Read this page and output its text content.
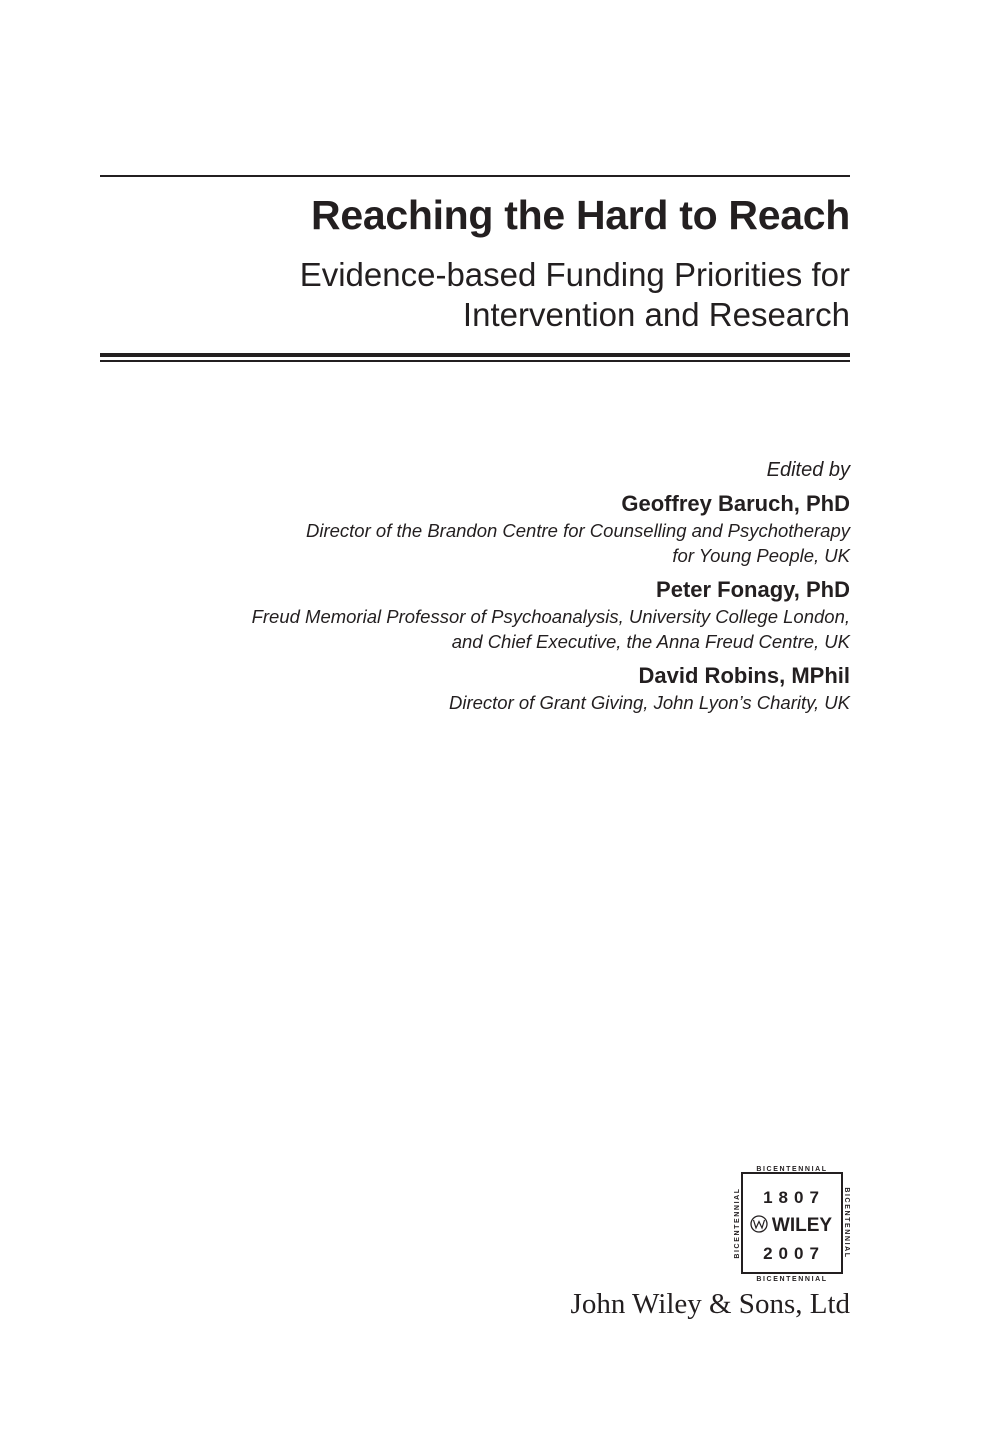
Reaching the Hard to Reach
Evidence-based Funding Priorities for
Intervention and Research
Edited by
Geoffrey Baruch, PhD
Director of the Brandon Centre for Counselling and Psychotherapy
for Young People, UK
Peter Fonagy, PhD
Freud Memorial Professor of Psychoanalysis, University College London,
and Chief Executive, the Anna Freud Centre, UK
David Robins, MPhil
Director of Grant Giving, John Lyon’s Charity, UK
BICENTENNIAL
BICENTENNIAL
BICENTENNIAL	BICENTENNIAL
1807
WILEY
2007
John Wiley & Sons, Ltd
